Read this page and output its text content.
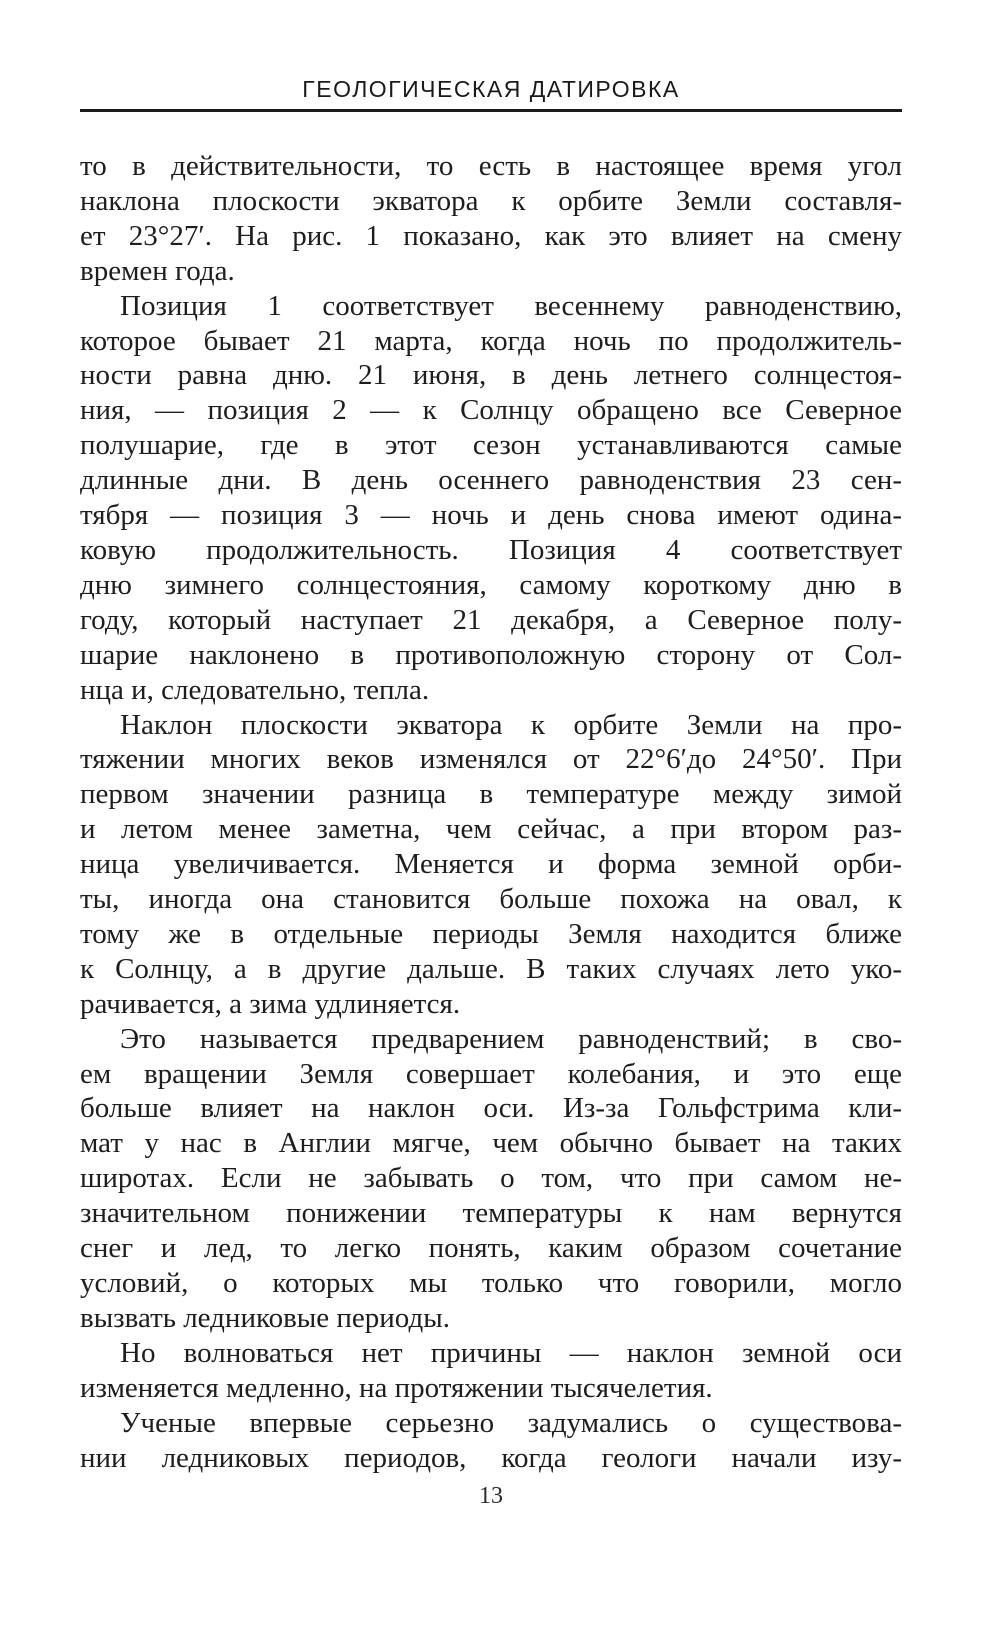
ГЕОЛОГИЧЕСКАЯ ДАТИРОВКА
то в действительности, то есть в настоящее время угол
наклона плоскости экватора к орбите Земли составля-
ет 23°27′. На рис. 1 показано, как это влияет на смену
времен года.
Позиция 1 соответствует весеннему равноденствию,
которое бывает 21 марта, когда ночь по продолжитель-
ности равна дню. 21 июня, в день летнего солнцестоя-
ния, — позиция 2 — к Солнцу обращено все Северное
полушарие, где в этот сезон устанавливаются самые
длинные дни. В день осеннего равноденствия 23 сен-
тября — позиция 3 — ночь и день снова имеют одина-
ковую продолжительность. Позиция 4 соответствует
дню зимнего солнцестояния, самому короткому дню в
году, который наступает 21 декабря, а Северное полу-
шарие наклонено в противоположную сторону от Сол-
нца и, следовательно, тепла.
Наклон плоскости экватора к орбите Земли на про-
тяжении многих веков изменялся от 22°6′до 24°50′. При
первом значении разница в температуре между зимой
и летом менее заметна, чем сейчас, а при втором раз-
ница увеличивается. Меняется и форма земной орби-
ты, иногда она становится больше похожа на овал, к
тому же в отдельные периоды Земля находится ближе
к Солнцу, а в другие дальше. В таких случаях лето уко-
рачивается, а зима удлиняется.
Это называется предварением равноденствий; в сво-
ем вращении Земля совершает колебания, и это еще
больше влияет на наклон оси. Из-за Гольфстрима кли-
мат у нас в Англии мягче, чем обычно бывает на таких
широтах. Если не забывать о том, что при самом не-
значительном понижении температуры к нам вернутся
снег и лед, то легко понять, каким образом сочетание
условий, о которых мы только что говорили, могло
вызвать ледниковые периоды.
Но волноваться нет причины — наклон земной оси
изменяется медленно, на протяжении тысячелетия.
Ученые впервые серьезно задумались о существова-
нии ледниковых периодов, когда геологи начали изу-
13
